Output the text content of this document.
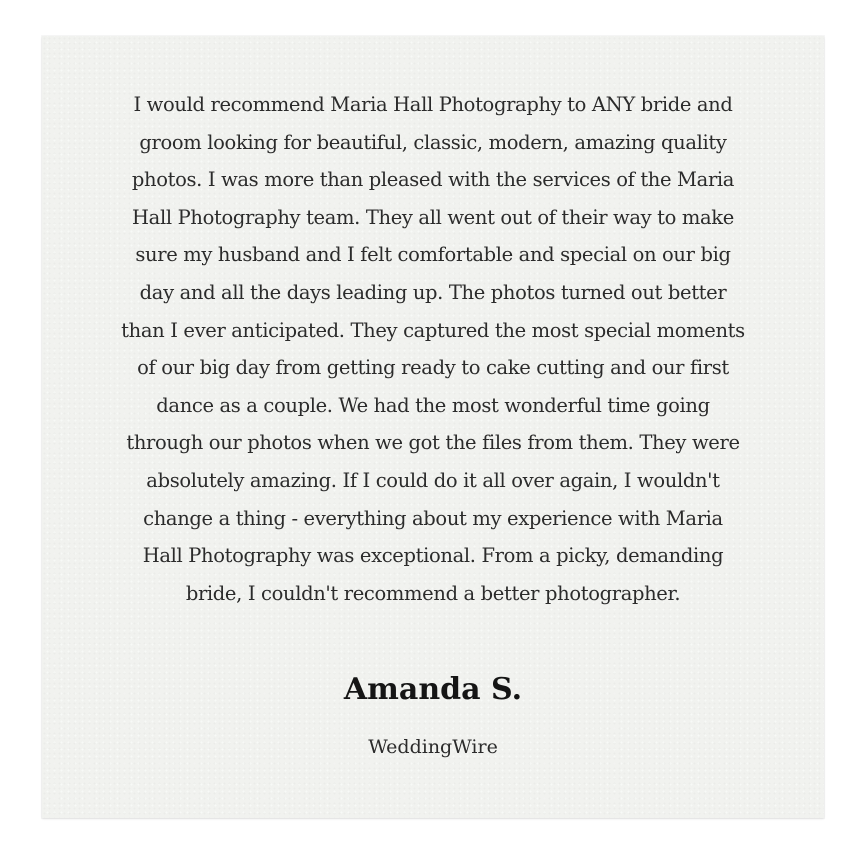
I would recommend Maria Hall Photography to ANY bride and
groom looking for beautiful, classic, modern, amazing quality
photos. I was more than pleased with the services of the Maria
Hall Photography team. They all went out of their way to make
sure my husband and I felt comfortable and special on our big
day and all the days leading up. The photos turned out better
than I ever anticipated. They captured the most special moments
of our big day from getting ready to cake cutting and our first
dance as a couple. We had the most wonderful time going
through our photos when we got the files from them. They were
absolutely amazing. If I could do it all over again, I wouldn't
change a thing - everything about my experience with Maria
Hall Photography was exceptional. From a picky, demanding
bride, I couldn't recommend a better photographer.

Amanda S.

WeddingWire
